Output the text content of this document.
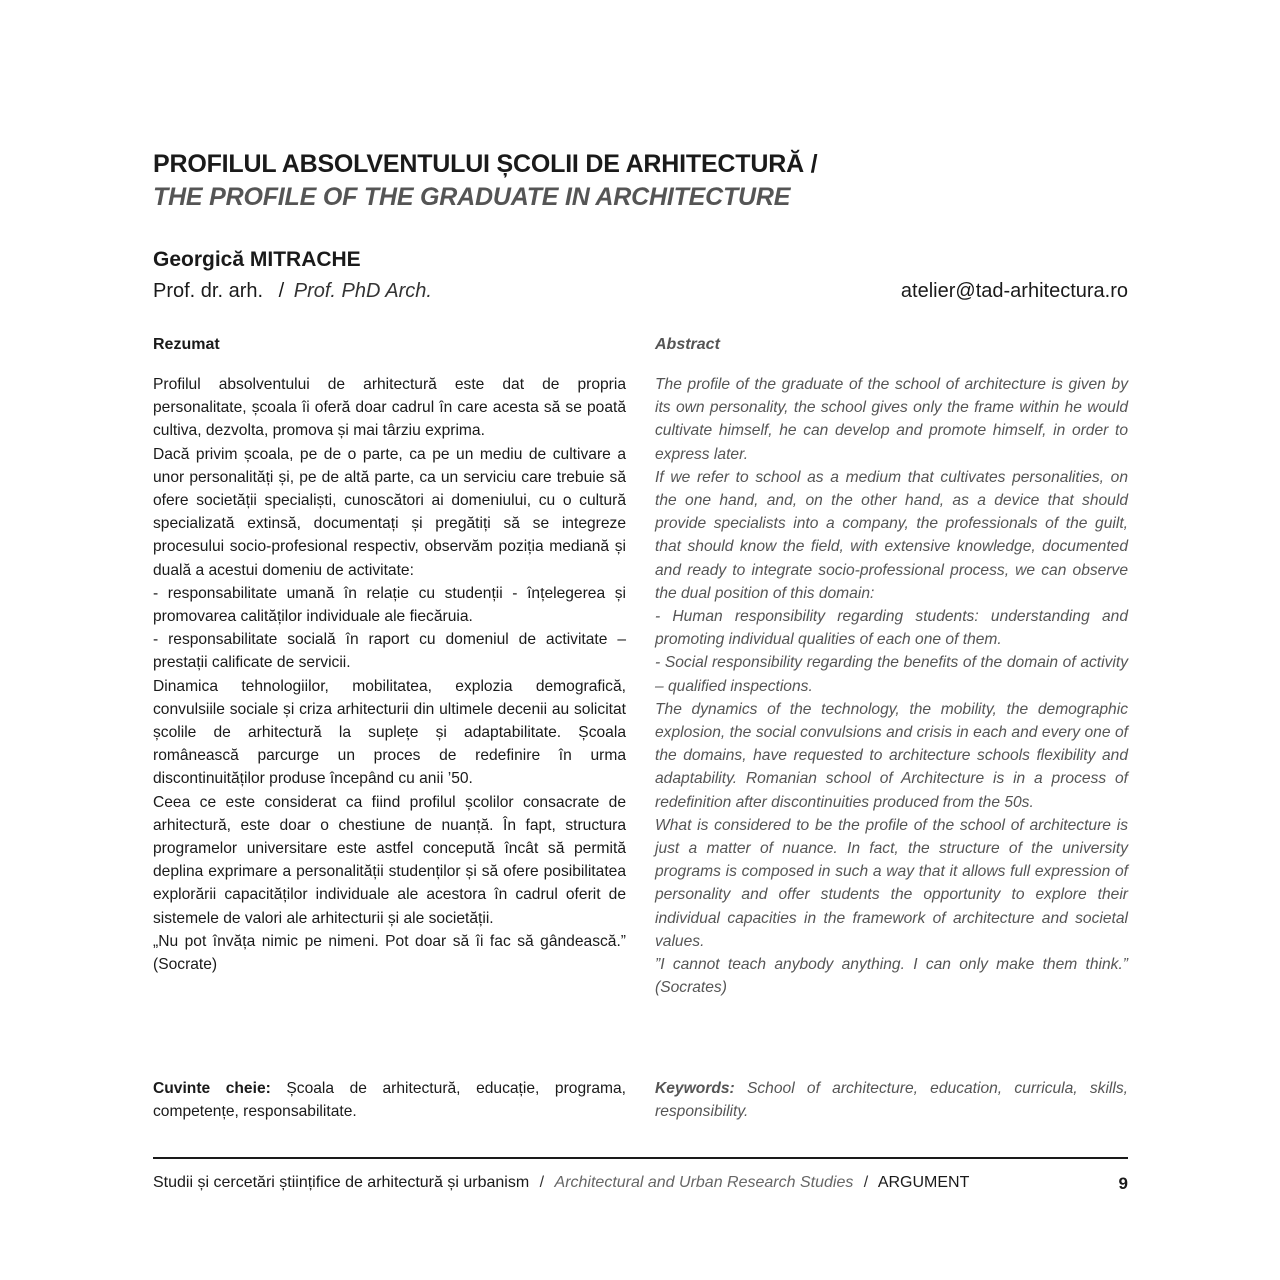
PROFILUL ABSOLVENTULUI ȘCOLII DE ARHITECTURĂ /
THE PROFILE OF THE GRADUATE IN ARCHITECTURE
Georgică MITRACHE
Prof. dr. arh. / Prof. PhD Arch.	atelier@tad-arhitectura.ro
Rezumat

Profilul absolventului de arhitectură este dat de propria personalitate, școala îi oferă doar cadrul în care acesta să se poată cultiva, dezvolta, promova și mai târziu exprima.

Dacă privim școala, pe de o parte, ca pe un mediu de cultivare a unor personalități și, pe de altă parte, ca un serviciu care trebuie să ofere societății specialiști, cunoscători ai domeniului, cu o cultură specializată extinsă, documentați și pregătiți să se integreze procesului socio-profesional respectiv, observăm poziția mediană și duală a acestui domeniu de activitate:

- responsabilitate umană în relație cu studenții - înțelegerea și promovarea calităților individuale ale fiecăruia.

- responsabilitate socială în raport cu domeniul de activitate – prestații calificate de servicii.

Dinamica tehnologiilor, mobilitatea, explozia demografică, convulsiile sociale și criza arhitecturii din ultimele decenii au solicitat școlile de arhitectură la suplețe și adaptabilitate. Școala românească parcurge un proces de redefinire în urma discontinuităților produse începând cu anii ’50.

Ceea ce este considerat ca fiind profilul școlilor consacrate de arhitectură, este doar o chestiune de nuanță. În fapt, structura programelor universitare este astfel concepută încât să permită deplina exprimare a personalității studenților și să ofere posibilitatea explorării capacităților individuale ale acestora în cadrul oferit de sistemele de valori ale arhitecturii și ale societății.

„Nu pot învăța nimic pe nimeni. Pot doar să îi fac să gândească.” (Socrate)

Abstract

The profile of the graduate of the school of architecture is given by its own personality, the school gives only the frame within he would cultivate himself, he can develop and promote himself, in order to express later.

If we refer to school as a medium that cultivates personalities, on the one hand, and, on the other hand, as a device that should provide specialists into a company, the professionals of the guilt, that should know the field, with extensive knowledge, documented and ready to integrate socio-professional process, we can observe the dual position of this domain:

- Human responsibility regarding students: understanding and promoting individual qualities of each one of them.

- Social responsibility regarding the benefits of the domain of activity – qualified inspections.

The dynamics of the technology, the mobility, the demographic explosion, the social convulsions and crisis in each and every one of the domains, have requested to architecture schools flexibility and adaptability. Romanian school of Architecture is in a process of redefinition after discontinuities produced from the 50s.

What is considered to be the profile of the school of architecture is just a matter of nuance. In fact, the structure of the university programs is composed in such a way that it allows full expression of personality and offer students the opportunity to explore their individual capacities in the framework of architecture and societal values.

”I cannot teach anybody anything. I can only make them think.” (Socrates)

Cuvinte cheie: Școala de arhitectură, educație, programa, competențe, responsabilitate.
Keywords: School of architecture, education, curricula, skills, responsibility.
Studii și cercetări științifice de arhitectură și urbanism / Architectural and Urban Research Studies / ARGUMENT	9
